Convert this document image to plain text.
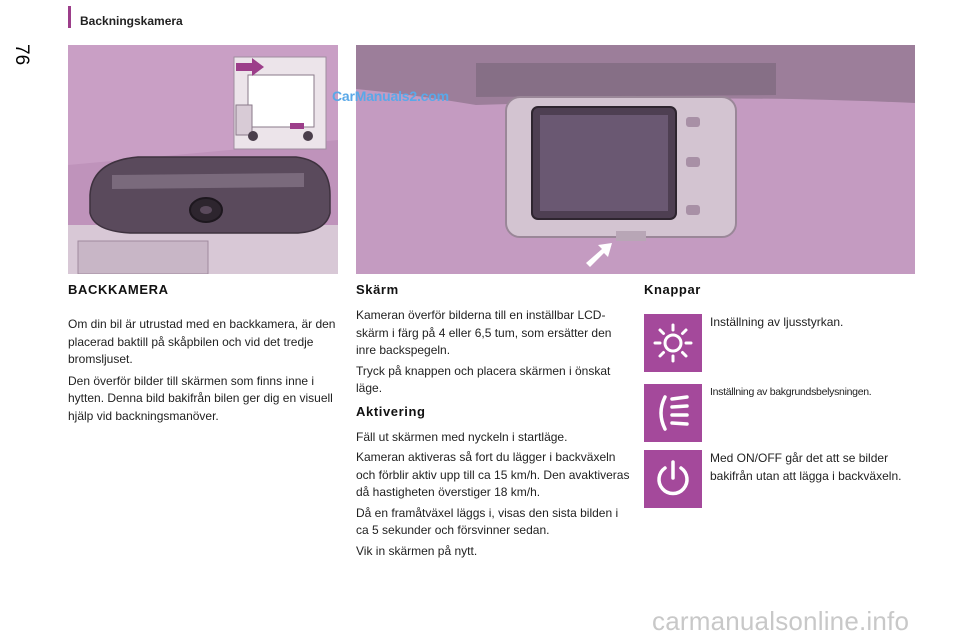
76
Backningskamera
CarManuals2.com
BACKKAMERA

Om din bil är utrustad med en backkamera, är den placerad baktill på skåpbilen och vid det tredje bromsljuset.

Den överför bilder till skärmen som finns inne i hytten. Denna bild bakifrån bilen ger dig en visuell hjälp vid backningsmanöver.

Skärm

Kameran överför bilderna till en inställbar LCD-skärm i färg på 4 eller 6,5 tum, som ersätter den inre backspegeln.

Tryck på knappen och placera skärmen i önskat läge.

Aktivering

Fäll ut skärmen med nyckeln i startläge.

Kameran aktiveras så fort du lägger i backväxeln och förblir aktiv upp till ca 15 km/h. Den avaktiveras då hastigheten överstiger 18 km/h.

Då en framåtväxel läggs i, visas den sista bilden i ca 5 sekunder och försvinner sedan.

Vik in skärmen på nytt.

Knappar
Inställning av ljusstyrkan.
Inställning av bakgrundsbelysningen.
Med ON/OFF går det att se bilder bakifrån utan att lägga i backväxeln.
carmanualsonline.info
